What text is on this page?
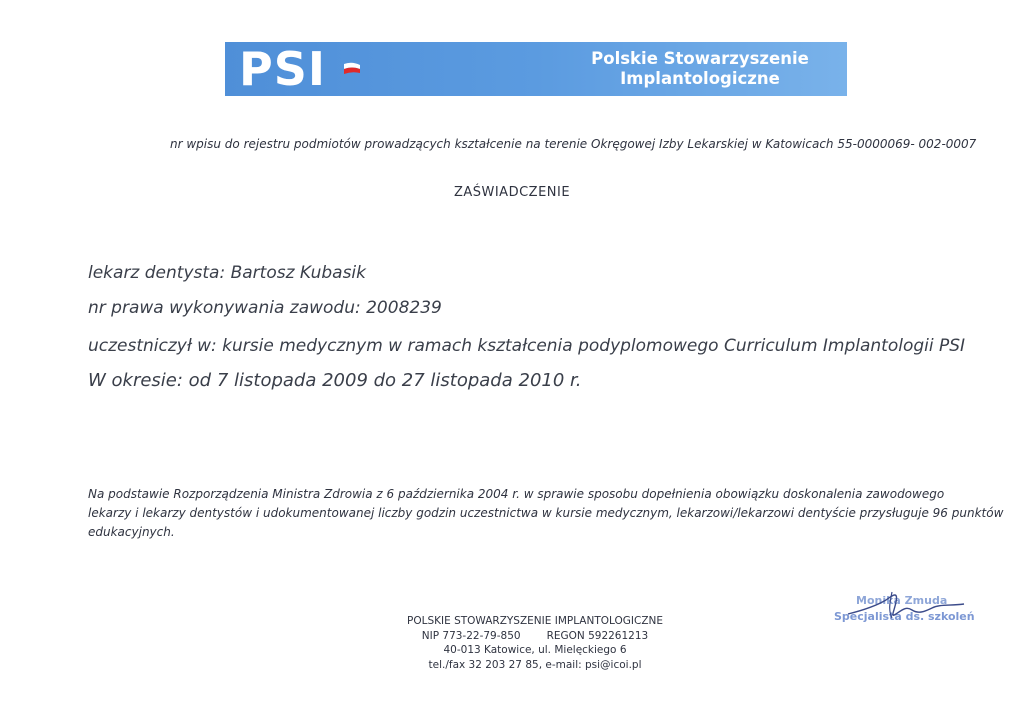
PSI	Polskie Stowarzyszenie
Implantologiczne
nr wpisu do rejestru podmiotów prowadzących kształcenie na terenie Okręgowej Izby Lekarskiej w Katowicach 55-0000069- 002-0007
ZAŚWIADCZENIE
lekarz dentysta: Bartosz Kubasik
nr prawa wykonywania zawodu: 2008239
uczestniczył w: kursie medycznym w ramach kształcenia podyplomowego Curriculum Implantologii PSI
W okresie: od 7 listopada 2009 do 27 listopada 2010 r.
Na podstawie Rozporządzenia Ministra Zdrowia z 6 października 2004 r. w sprawie sposobu dopełnienia obowiązku doskonalenia zawodowego
lekarzy i lekarzy dentystów i udokumentowanej liczby godzin uczestnictwa w kursie medycznym, lekarzowi/lekarzowi dentyście przysługuje 96 punktów
edukacyjnych.
POLSKIE STOWARZYSZENIE IMPLANTOLOGICZNE
NIP 773-22-79-850 REGON 592261213
40-013 Katowice, ul. Mielęckiego 6
tel./fax 32 203 27 85, e-mail: psi@icoi.pl
Monika Zmuda
Specjalista ds. szkoleń
